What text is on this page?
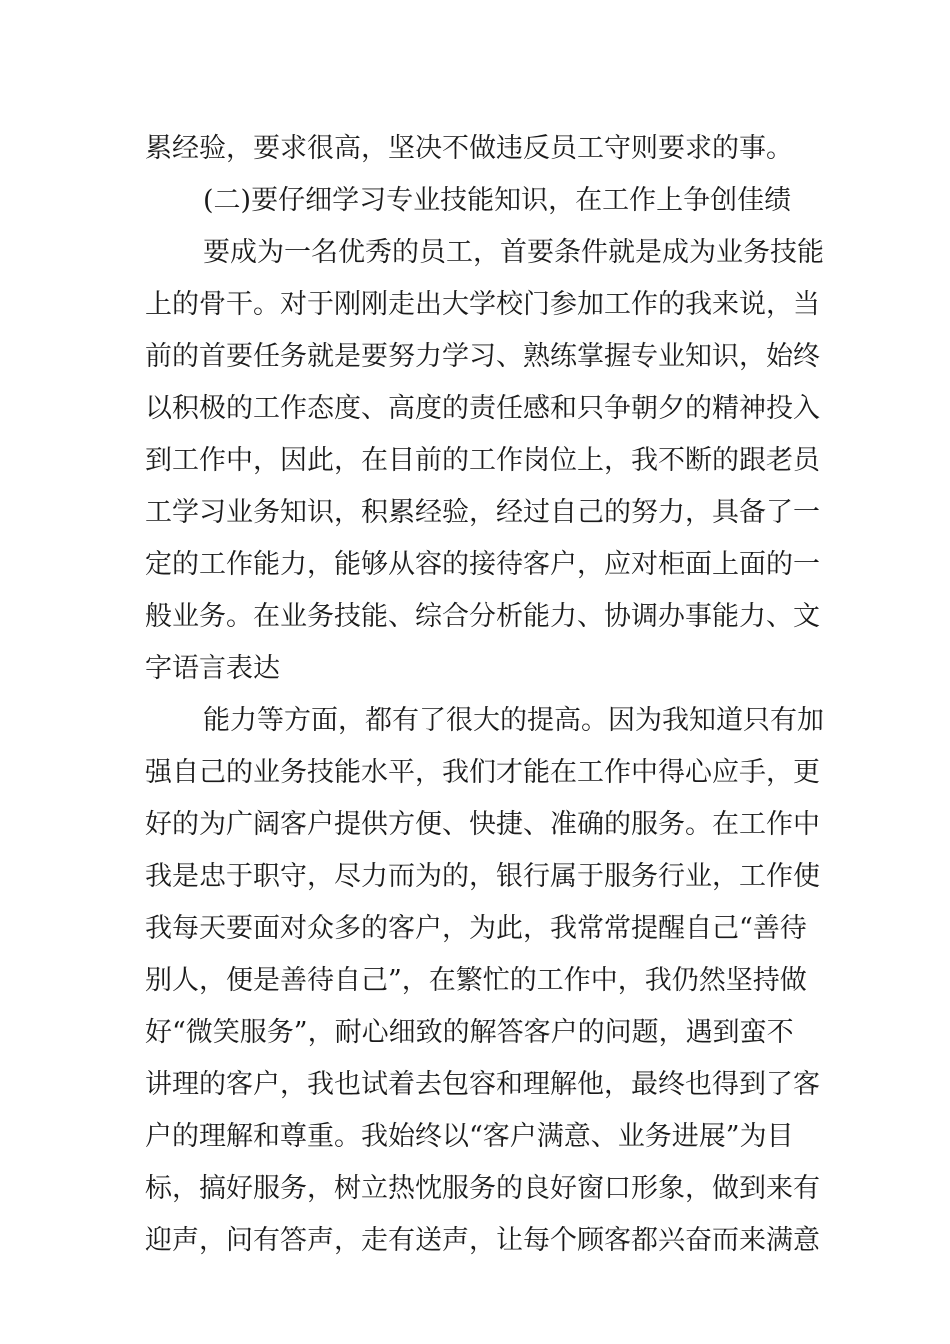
累经验，要求很高，坚决不做违反员工守则要求的事。
(二)要仔细学习专业技能知识，在工作上争创佳绩
要成为一名优秀的员工，首要条件就是成为业务技能
上的骨干。对于刚刚走出大学校门参加工作的我来说，当
前的首要任务就是要努力学习、熟练掌握专业知识，始终
以积极的工作态度、高度的责任感和只争朝夕的精神投入
到工作中，因此，在目前的工作岗位上，我不断的跟老员
工学习业务知识，积累经验，经过自己的努力，具备了一
定的工作能力，能够从容的接待客户，应对柜面上面的一
般业务。在业务技能、综合分析能力、协调办事能力、文
字语言表达
能力等方面，都有了很大的提高。因为我知道只有加
强自己的业务技能水平，我们才能在工作中得心应手，更
好的为广阔客户提供方便、快捷、准确的服务。在工作中
我是忠于职守，尽力而为的，银行属于服务行业，工作使
我每天要面对众多的客户，为此，我常常提醒自己“善待
别人，便是善待自己”，在繁忙的工作中，我仍然坚持做
好“微笑服务”，耐心细致的解答客户的问题，遇到蛮不
讲理的客户，我也试着去包容和理解他，最终也得到了客
户的理解和尊重。我始终以“客户满意、业务进展”为目
标，搞好服务，树立热忱服务的良好窗口形象，做到来有
迎声，问有答声，走有送声，让每个顾客都兴奋而来满意
